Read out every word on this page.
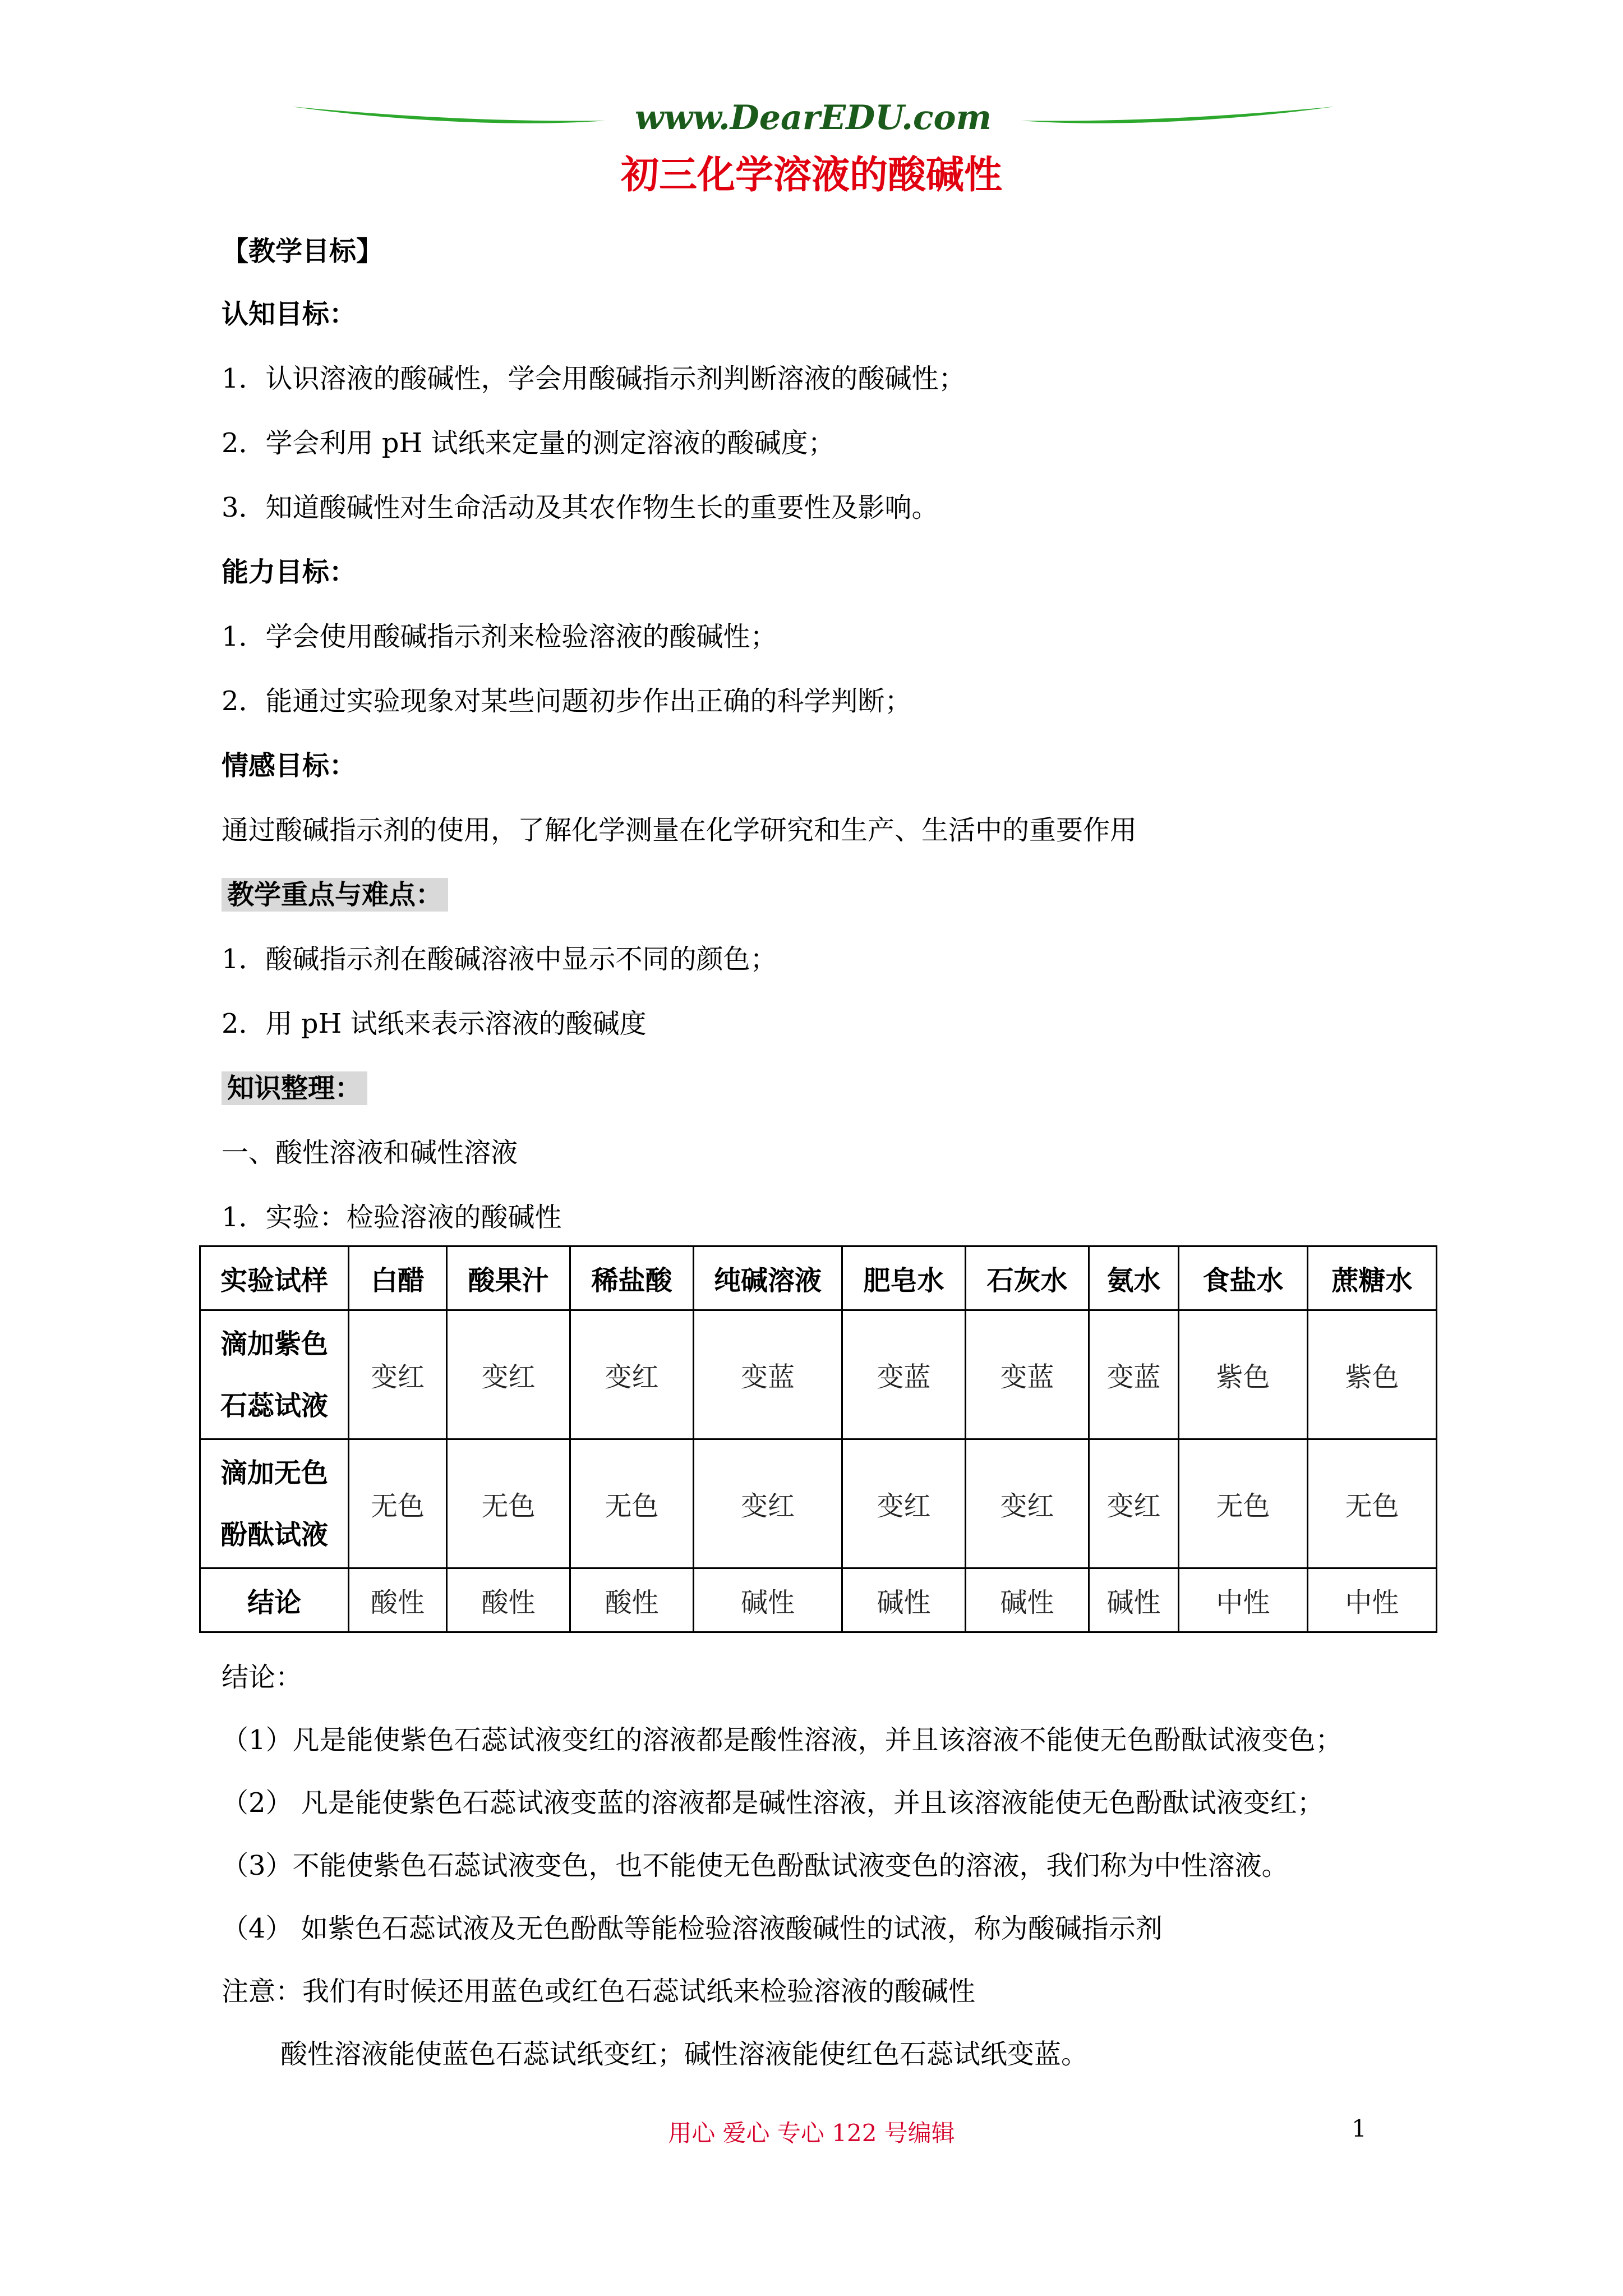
www.DearEDU.com
初三化学溶液的酸碱性
【教学目标】
认知目标：
1．认识溶液的酸碱性，学会用酸碱指示剂判断溶液的酸碱性；
2．学会利用 pH 试纸来定量的测定溶液的酸碱度；
3．知道酸碱性对生命活动及其农作物生长的重要性及影响。
能力目标：
1．学会使用酸碱指示剂来检验溶液的酸碱性；
2．能通过实验现象对某些问题初步作出正确的科学判断；
情感目标：
通过酸碱指示剂的使用，了解化学测量在化学研究和生产、生活中的重要作用
教学重点与难点：
1．酸碱指示剂在酸碱溶液中显示不同的颜色；
2．用 pH 试纸来表示溶液的酸碱度
知识整理：
一、酸性溶液和碱性溶液
1．实验：检验溶液的酸碱性
实验试样	白醋	酸果汁	稀盐酸	纯碱溶液	肥皂水	石灰水	氨水	食盐水	蔗糖水

滴加紫色
石蕊试液	变红	变红	变红	变蓝	变蓝	变蓝	变蓝	紫色	紫色

滴加无色
酚酞试液	无色	无色	无色	变红	变红	变红	变红	无色	无色
结论	酸性	酸性	酸性	碱性	碱性	碱性	碱性	中性	中性
结论：
（1）凡是能使紫色石蕊试液变红的溶液都是酸性溶液，并且该溶液不能使无色酚酞试液变色；
（2） 凡是能使紫色石蕊试液变蓝的溶液都是碱性溶液，并且该溶液能使无色酚酞试液变红；
（3）不能使紫色石蕊试液变色，也不能使无色酚酞试液变色的溶液，我们称为中性溶液。
（4） 如紫色石蕊试液及无色酚酞等能检验溶液酸碱性的试液，称为酸碱指示剂
注意：我们有时候还用蓝色或红色石蕊试纸来检验溶液的酸碱性
酸性溶液能使蓝色石蕊试纸变红；碱性溶液能使红色石蕊试纸变蓝。
用心 爱心 专心 122 号编辑	1
